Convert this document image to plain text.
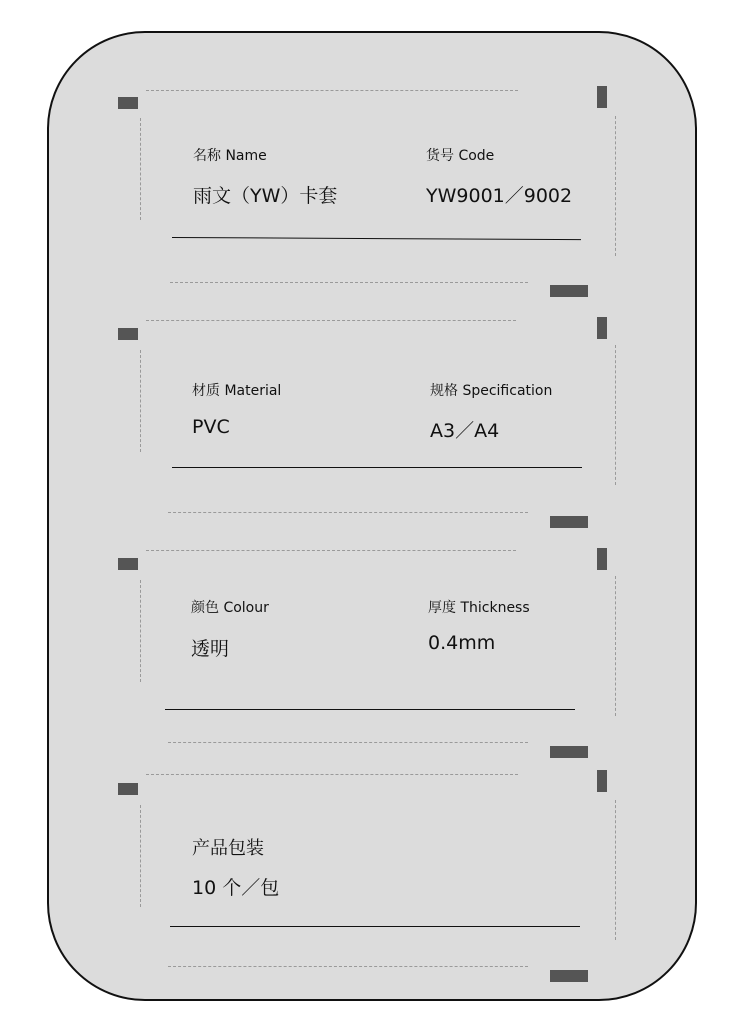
名称 Name
雨文（YW）卡套
货号 Code
YW9001／9002
材质 Material
PVC
规格 Specification
A3／A4
颜色 Colour
透明
厚度 Thickness
0.4mm
产品包装
10 个／包
